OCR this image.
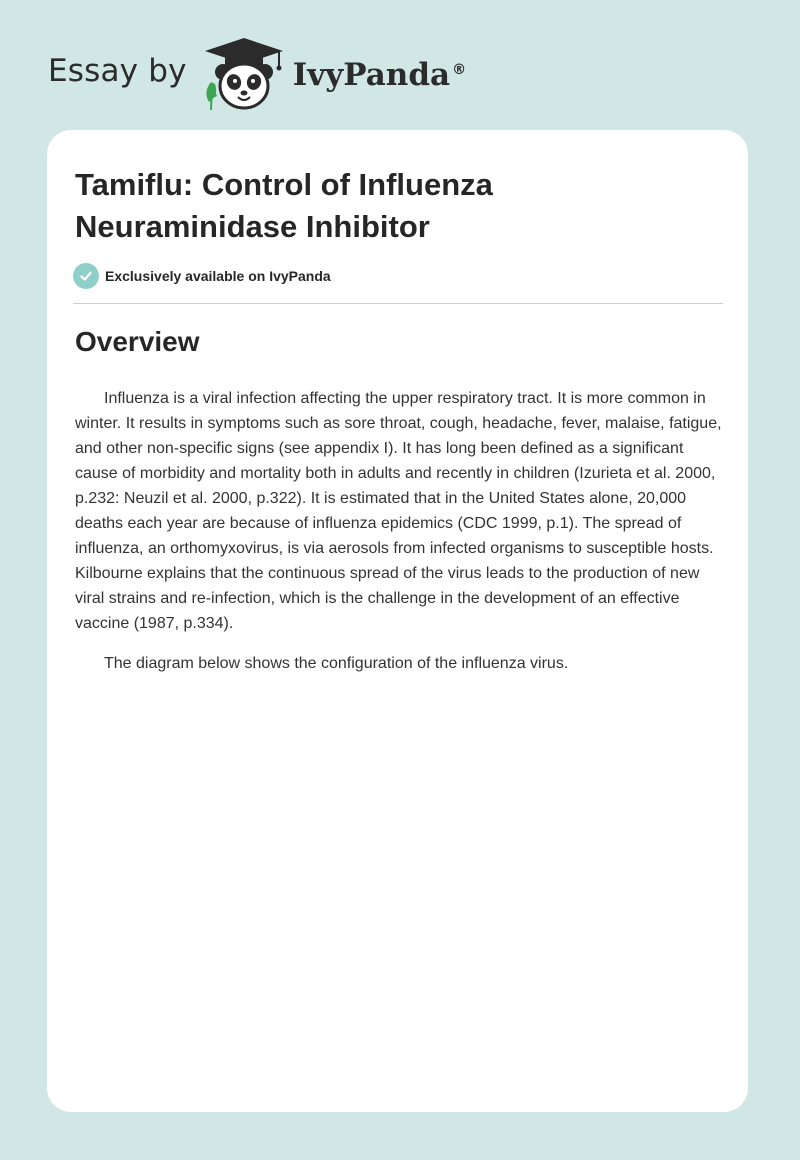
Essay by	IvyPanda ®
Tamiflu: Control of Influenza
Neuraminidase Inhibitor
Exclusively available on IvyPanda
Overview

Influenza is a viral infection affecting the upper respiratory tract. It is more common in winter. It results in symptoms such as sore throat, cough, headache, fever, malaise, fatigue, and other non-specific signs (see appendix I). It has long been defined as a significant cause of morbidity and mortality both in adults and recently in children (Izurieta et al. 2000, p.232: Neuzil et al. 2000, p.322). It is estimated that in the United States alone, 20,000 deaths each year are because of influenza epidemics (CDC 1999, p.1). The spread of influenza, an orthomyxovirus, is via aerosols from infected organisms to susceptible hosts. Kilbourne explains that the continuous spread of the virus leads to the production of new viral strains and re-infection, which is the challenge in the development of an effective vaccine (1987, p.334).

The diagram below shows the configuration of the influenza virus.
